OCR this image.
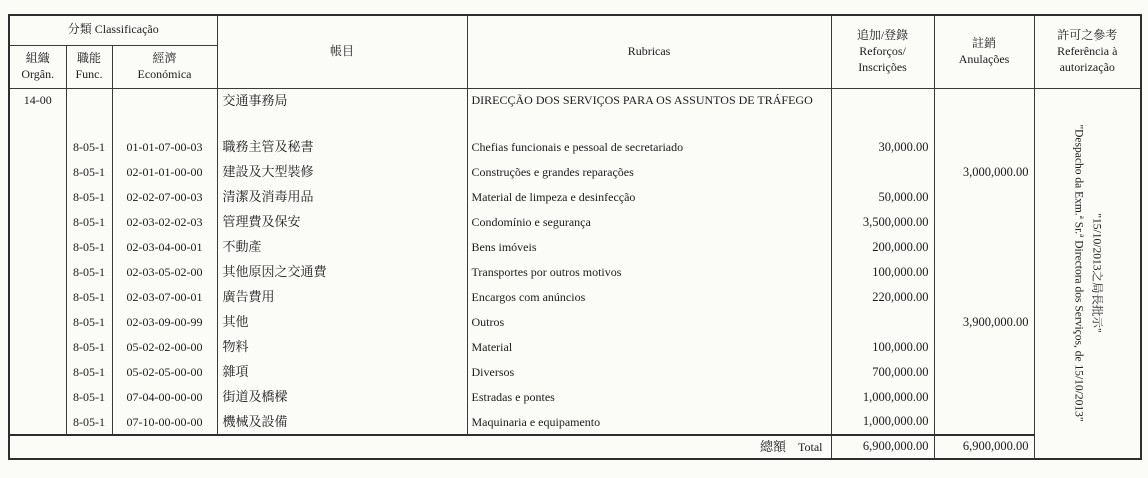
分類 Classificação	帳目	Rubricas	
追加/登錄
Reforços/
Inscrições

註銷
Anulações

許可之參考
Referência à
autorização

組織
Orgân.

職能
Func.

經濟
Económica

14-00			交通事務局	DIRECÇÃO DOS SERVIÇOS PARA OS ASSUNTOS DE TRÁFEGO			"15/10/2013之局長批示"
"Despacho da Exm.ª Sr.ª Directora dos Serviços, de 15/10/2013"

	8-05-1	01-01-07-00-03	職務主管及秘書	Chefias funcionais e pessoal de secretariado	30,000.00		
	8-05-1	02-01-01-00-00	建設及大型裝修	Construções e grandes reparações		3,000,000.00	
	8-05-1	02-02-07-00-03	清潔及消毒用品	Material de limpeza e desinfecção	50,000.00		
	8-05-1	02-03-02-02-03	管理費及保安	Condomínio e segurança	3,500,000.00		
	8-05-1	02-03-04-00-01	不動產	Bens imóveis	200,000.00		
	8-05-1	02-03-05-02-00	其他原因之交通費	Transportes por outros motivos	100,000.00		
	8-05-1	02-03-07-00-01	廣告費用	Encargos com anúncios	220,000.00		
	8-05-1	02-03-09-00-99	其他	Outros		3,900,000.00	
	8-05-1	05-02-02-00-00	物料	Material	100,000.00		
	8-05-1	05-02-05-00-00	雜項	Diversos	700,000.00		
	8-05-1	07-04-00-00-00	街道及橋樑	Estradas e pontes	1,000,000.00		
	8-05-1	07-10-00-00-00	機械及設備	Maquinaria e equipamento	1,000,000.00		
總額 Total					6,900,000.00	6,900,000.00	
